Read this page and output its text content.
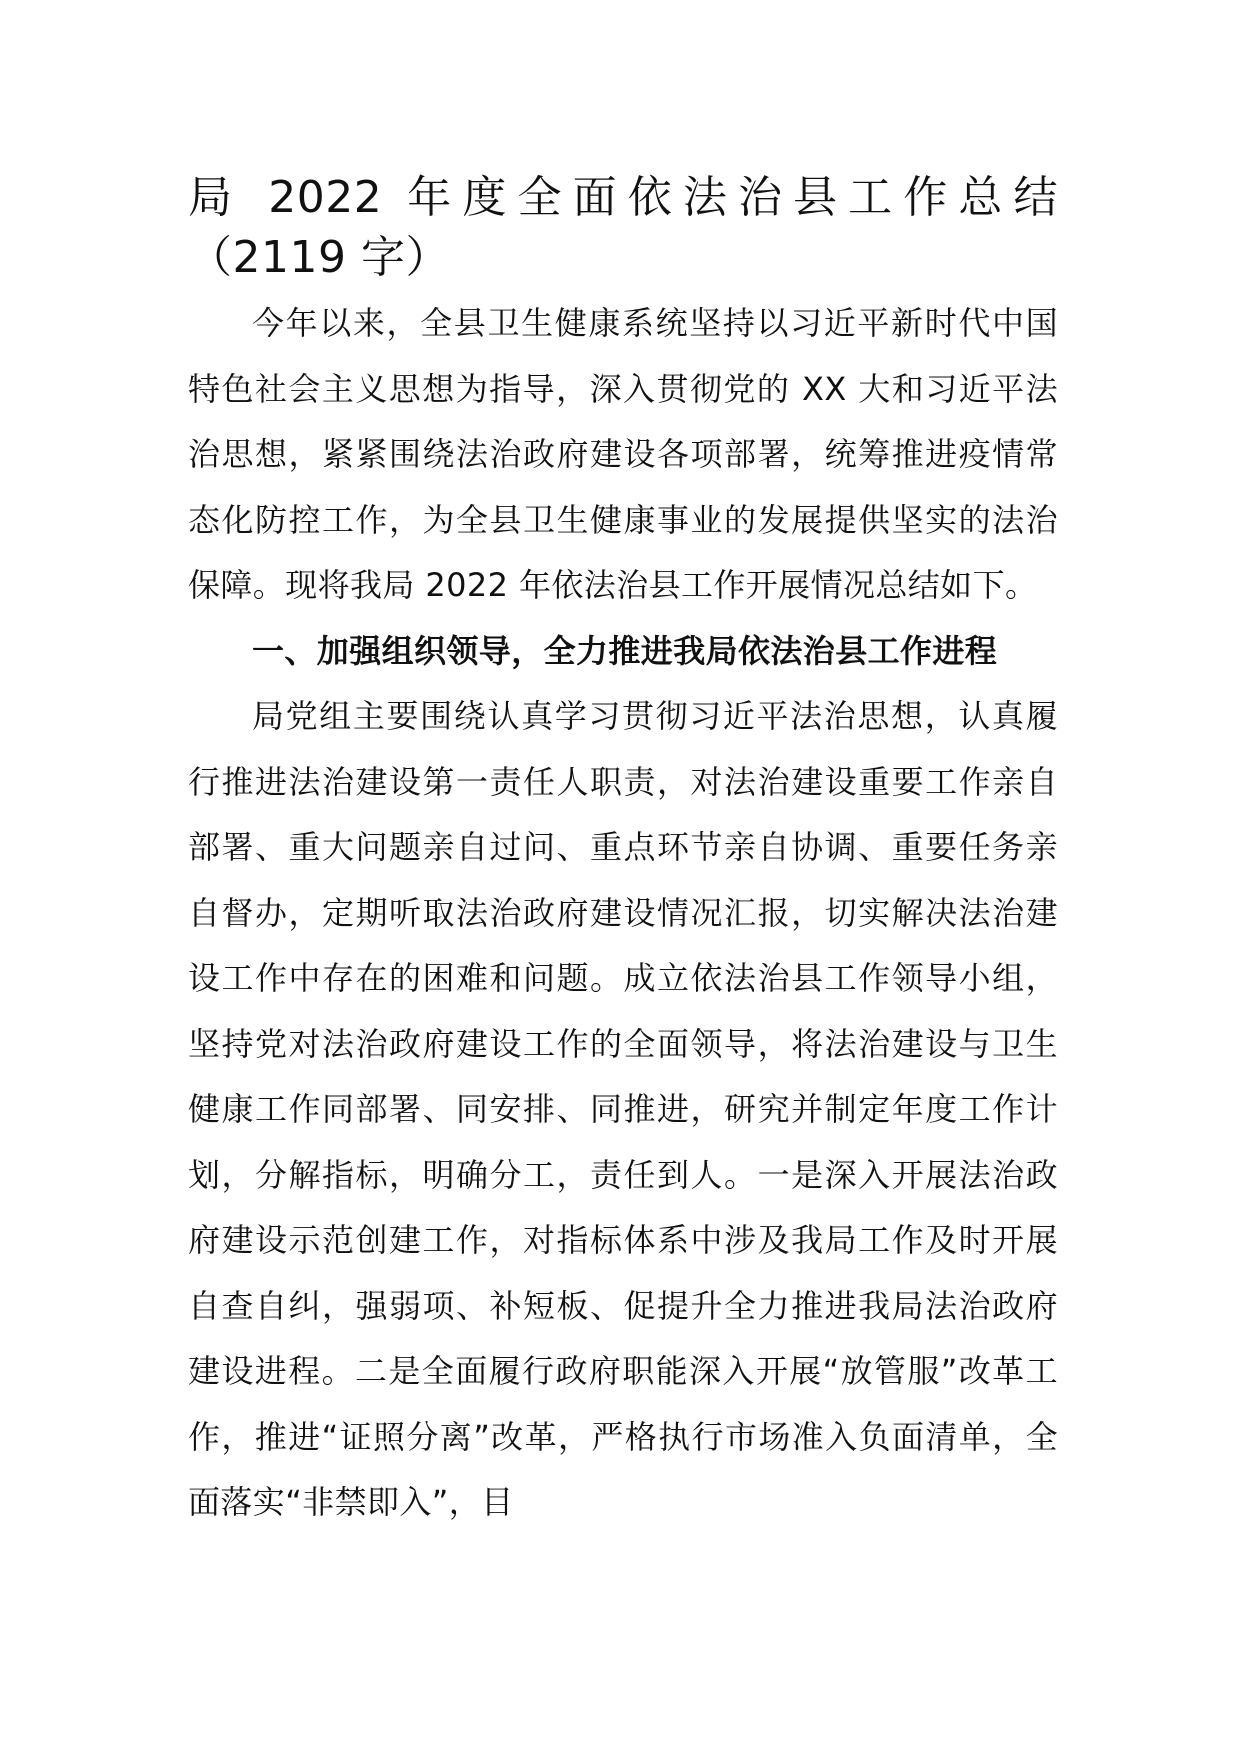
局 2022 年度全面依法治县工作总结（2119 字）

今年以来，全县卫生健康系统坚持以习近平新时代中国特色社会主义思想为指导，深入贯彻党的 XX 大和习近平法治思想，紧紧围绕法治政府建设各项部署，统筹推进疫情常态化防控工作，为全县卫生健康事业的发展提供坚实的法治保障。现将我局 2022 年依法治县工作开展情况总结如下。

一、加强组织领导，全力推进我局依法治县工作进程

局党组主要围绕认真学习贯彻习近平法治思想，认真履行推进法治建设第一责任人职责，对法治建设重要工作亲自部署、重大问题亲自过问、重点环节亲自协调、重要任务亲自督办，定期听取法治政府建设情况汇报，切实解决法治建设工作中存在的困难和问题。成立依法治县工作领导小组，坚持党对法治政府建设工作的全面领导，将法治建设与卫生健康工作同部署、同安排、同推进，研究并制定年度工作计划，分解指标，明确分工，责任到人。一是深入开展法治政府建设示范创建工作，对指标体系中涉及我局工作及时开展自查自纠，强弱项、补短板、促提升全力推进我局法治政府建设进程。二是全面履行政府职能深入开展“放管服”改革工作，推进“证照分离”改革，严格执行市场准入负面清单，全面落实“非禁即入”，目
